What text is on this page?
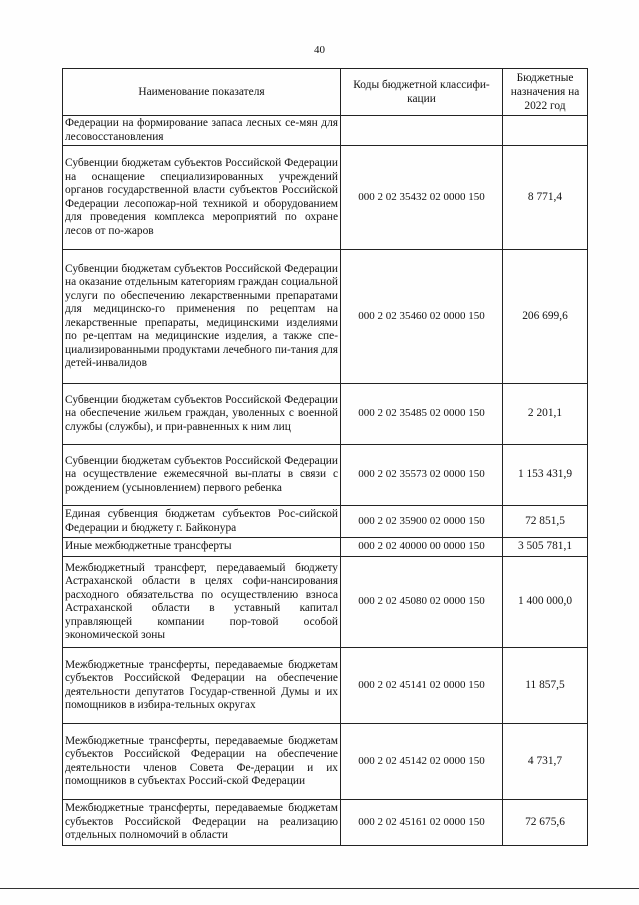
40
Наименование показателя	Коды бюджетной классифи-кации	Бюджетные назначения на 2022 год
Федерации на формирование запаса лесных се-мян для лесовосстановления		
Субвенции бюджетам субъектов Российской Федерации на оснащение специализированных учреждений органов государственной власти субъектов Российской Федерации лесопожар-ной техникой и оборудованием для проведения комплекса мероприятий по охране лесов от по-жаров	000 2 02 35432 02 0000 150	8 771,4
Субвенции бюджетам субъектов Российской Федерации на оказание отдельным категориям граждан социальной услуги по обеспечению лекарственными препаратами для медицинско-го применения по рецептам на лекарственные препараты, медицинскими изделиями по ре-цептам на медицинские изделия, а также спе-циализированными продуктами лечебного пи-тания для детей-инвалидов	000 2 02 35460 02 0000 150	206 699,6
Субвенции бюджетам субъектов Российской Федерации на обеспечение жильем граждан, уволенных с военной службы (службы), и при-равненных к ним лиц	000 2 02 35485 02 0000 150	2 201,1
Субвенции бюджетам субъектов Российской Федерации на осуществление ежемесячной вы-платы в связи с рождением (усыновлением) первого ребенка	000 2 02 35573 02 0000 150	1 153 431,9
Единая субвенция бюджетам субъектов Рос-сийской Федерации и бюджету г. Байконура	000 2 02 35900 02 0000 150	72 851,5
Иные межбюджетные трансферты	000 2 02 40000 00 0000 150	3 505 781,1
Межбюджетный трансферт, передаваемый бюджету Астраханской области в целях софи-нансирования расходного обязательства по осуществлению взноса Астраханской области в уставный капитал управляющей компании пор-товой особой экономической зоны	000 2 02 45080 02 0000 150	1 400 000,0
Межбюджетные трансферты, передаваемые бюджетам субъектов Российской Федерации на обеспечение деятельности депутатов Государ-ственной Думы и их помощников в избира-тельных округах	000 2 02 45141 02 0000 150	11 857,5
Межбюджетные трансферты, передаваемые бюджетам субъектов Российской Федерации на обеспечение деятельности членов Совета Фе-дерации и их помощников в субъектах Россий-ской Федерации	000 2 02 45142 02 0000 150	4 731,7
Межбюджетные трансферты, передаваемые бюджетам субъектов Российской Федерации на реализацию отдельных полномочий в области	000 2 02 45161 02 0000 150	72 675,6
